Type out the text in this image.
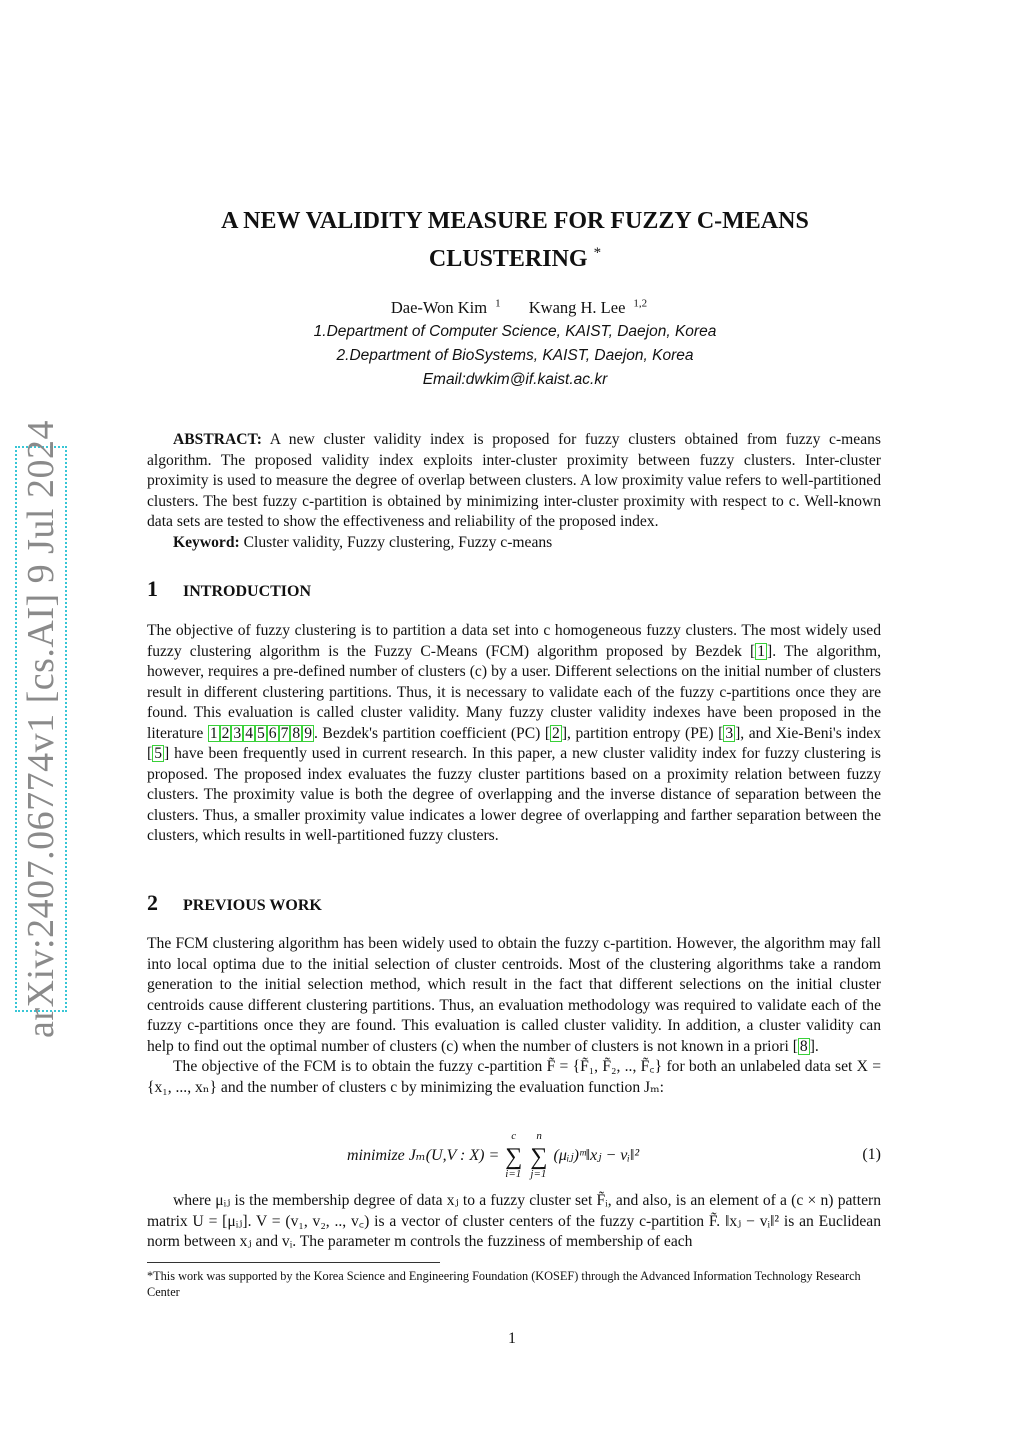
arXiv:2407.06774v1 [cs.AI] 9 Jul 2024
A NEW VALIDITY MEASURE FOR FUZZY C-MEANS
CLUSTERING *
Dae-Won Kim $^1$ Kwang H. Lee $^{1,2}$
1.Department of Computer Science, KAIST, Daejon, Korea
2.Department of BioSystems, KAIST, Daejon, Korea
Email:dwkim@if.kaist.ac.kr

ABSTRACT: A new cluster validity index is proposed for fuzzy clusters obtained from fuzzy c-means algorithm. The proposed validity index exploits inter-cluster proximity between fuzzy clusters. Inter-cluster proximity is used to measure the degree of overlap between clusters. A low proximity value refers to well-partitioned clusters. The best fuzzy c-partition is obtained by minimizing inter-cluster proximity with respect to c. Well-known data sets are tested to show the effectiveness and reliability of the proposed index.

Keyword: Cluster validity, Fuzzy clustering, Fuzzy c-means

1 INTRODUCTION

The objective of fuzzy clustering is to partition a data set into c homogeneous fuzzy clusters. The most widely used fuzzy clustering algorithm is the Fuzzy C-Means (FCM) algorithm proposed by Bezdek [ 1 ]. The algorithm, however, requires a pre-defined number of clusters (c) by a user. Different selections on the initial number of clusters result in different clustering partitions. Thus, it is necessary to validate each of the fuzzy c-partitions once they are found. This evaluation is called cluster validity. Many fuzzy cluster validity indexes have been proposed in the literature 1 2 3 4 5 6 7 8 9 . Bezdek's partition coefficient (PC) [ 2 ], partition entropy (PE) [ 3 ], and Xie-Beni's index [ 5 ] have been frequently used in current research. In this paper, a new cluster validity index for fuzzy clustering is proposed. The proposed index evaluates the fuzzy cluster partitions based on a proximity relation between fuzzy clusters. The proximity value is both the degree of overlapping and the inverse distance of separation between the clusters. Thus, a smaller proximity value indicates a lower degree of overlapping and farther separation between the clusters, which results in well-partitioned fuzzy clusters.

2 PREVIOUS WORK

The FCM clustering algorithm has been widely used to obtain the fuzzy c-partition. However, the algorithm may fall into local optima due to the initial selection of cluster centroids. Most of the clustering algorithms take a random generation to the initial selection method, which result in the fact that different selections on the initial cluster centroids cause different clustering partitions. Thus, an evaluation methodology was required to validate each of the fuzzy c-partitions once they are found. This evaluation is called cluster validity. In addition, a cluster validity can help to find out the optimal number of clusters (c) when the number of clusters is not known in a priori [ 8 ].

The objective of the FCM is to obtain the fuzzy c-partition F̃ = {F̃₁, F̃₂, .., F̃꜀} for both an unlabeled data set X = {x₁, ..., xₙ} and the number of clusters c by minimizing the evaluation function Jₘ:

minimize Jₘ(U,V : X) = ∑
c
i=1
∑
n
j=1
(μᵢⱼ)ᵐ‖xⱼ − vᵢ‖²	(1)

where μᵢⱼ is the membership degree of data xⱼ to a fuzzy cluster set F̃ᵢ, and also, is an element of a (c × n) pattern matrix U = [μᵢⱼ]. V = (v₁, v₂, .., v꜀) is a vector of cluster centers of the fuzzy c-partition F̃. ‖xⱼ − vᵢ‖² is an Euclidean norm between xⱼ and vᵢ. The parameter m controls the fuzziness of membership of each

*This work was supported by the Korea Science and Engineering Foundation (KOSEF) through the Advanced Information Technology Research Center
1
